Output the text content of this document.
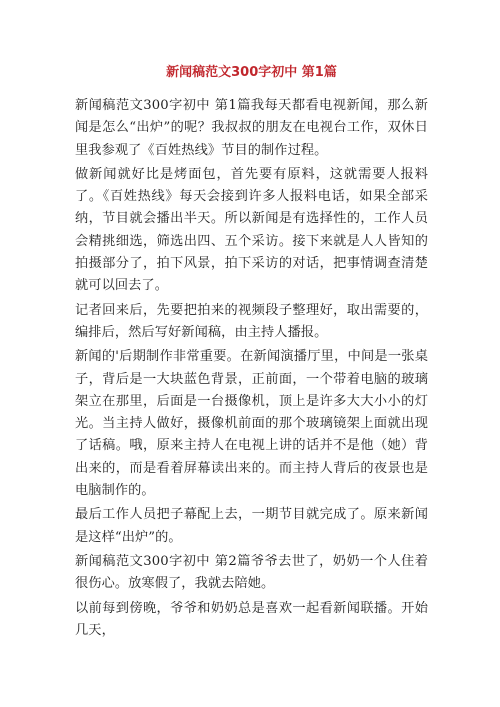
新闻稿范文300字初中 第1篇

新闻稿范文300字初中 第1篇我每天都看电视新闻，那么新闻是怎么“出炉”的呢？我叔叔的朋友在电视台工作，双休日里我参观了《百姓热线》节目的制作过程。

做新闻就好比是烤面包，首先要有原料，这就需要人报料了。《百姓热线》每天会接到许多人报料电话，如果全部采纳，节目就会播出半天。所以新闻是有选择性的，工作人员会精挑细选，筛选出四、五个采访。接下来就是人人皆知的拍摄部分了，拍下风景，拍下采访的对话，把事情调查清楚就可以回去了。

记者回来后，先要把拍来的视频段子整理好，取出需要的，编排后，然后写好新闻稿，由主持人播报。

新闻的'后期制作非常重要。在新闻演播厅里，中间是一张桌子，背后是一大块蓝色背景，正前面，一个带着电脑的玻璃架立在那里，后面是一台摄像机，顶上是许多大大小小的灯光。当主持人做好，摄像机前面的那个玻璃镜架上面就出现了话稿。哦，原来主持人在电视上讲的话并不是他（她）背出来的，而是看着屏幕读出来的。而主持人背后的夜景也是电脑制作的。

最后工作人员把子幕配上去，一期节目就完成了。原来新闻是这样“出炉”的。

新闻稿范文300字初中 第2篇爷爷去世了，奶奶一个人住着很伤心。放寒假了，我就去陪她。

以前每到傍晚，爷爷和奶奶总是喜欢一起看新闻联播。开始几天，
